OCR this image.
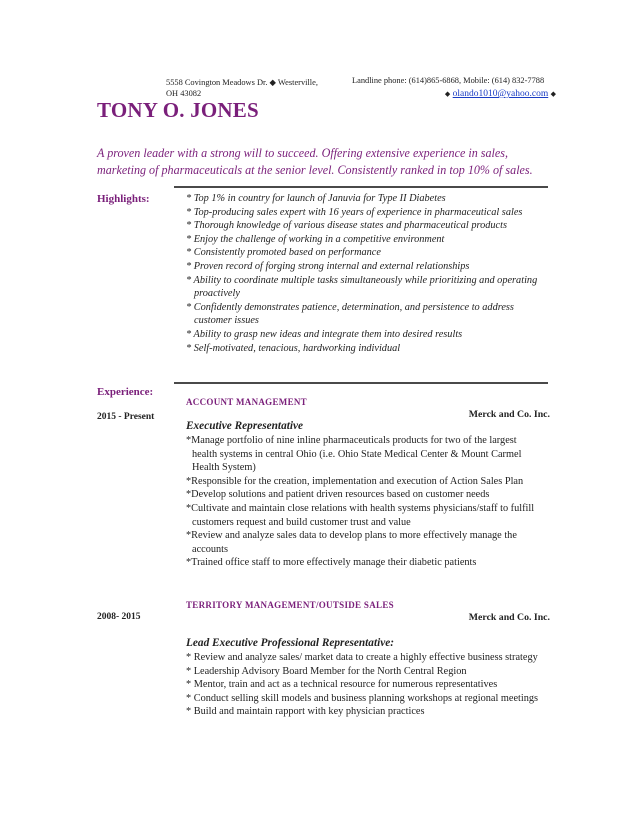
5558 Covington Meadows Dr. ◆ Westerville,
OH 43082
Landline phone: (614)865-6868, Mobile: (614) 832-7788
◆ olando1010@yahoo.com ◆
TONY O. JONES
A proven leader with a strong will to succeed. Offering extensive experience in sales,
marketing of pharmaceuticals at the senior level. Consistently ranked in top 10% of sales.
Highlights:	* Top 1% in country for launch of Januvia for Type II Diabetes
* Top-producing sales expert with 16 years of experience in pharmaceutical sales
* Thorough knowledge of various disease states and pharmaceutical products
* Enjoy the challenge of working in a competitive environment
* Consistently promoted based on performance
* Proven record of forging strong internal and external relationships
* Ability to coordinate multiple tasks simultaneously while prioritizing and operating proactively
* Confidently demonstrates patience, determination, and persistence to address customer issues
* Ability to grasp new ideas and integrate them into desired results
* Self-motivated, tenacious, hardworking individual
Experience:
ACCOUNT MANAGEMENT
2015 - Present	Merck and Co. Inc.
Executive Representative
*Manage portfolio of nine inline pharmaceuticals products for two of the largest health systems in central Ohio (i.e. Ohio State Medical Center & Mount Carmel Health System)
*Responsible for the creation, implementation and execution of Action Sales Plan
*Develop solutions and patient driven resources based on customer needs
*Cultivate and maintain close relations with health systems physicians/staff to fulfill customers request and build customer trust and value
*Review and analyze sales data to develop plans to more effectively manage the accounts
*Trained office staff to more effectively manage their diabetic patients
TERRITORY MANAGEMENT/OUTSIDE SALES
2008- 2015	Merck and Co. Inc.
Lead Executive Professional Representative:
* Review and analyze sales/ market data to create a highly effective business strategy
* Leadership Advisory Board Member for the North Central Region
* Mentor, train and act as a technical resource for numerous representatives
* Conduct selling skill models and business planning workshops at regional meetings
* Build and maintain rapport with key physician practices
